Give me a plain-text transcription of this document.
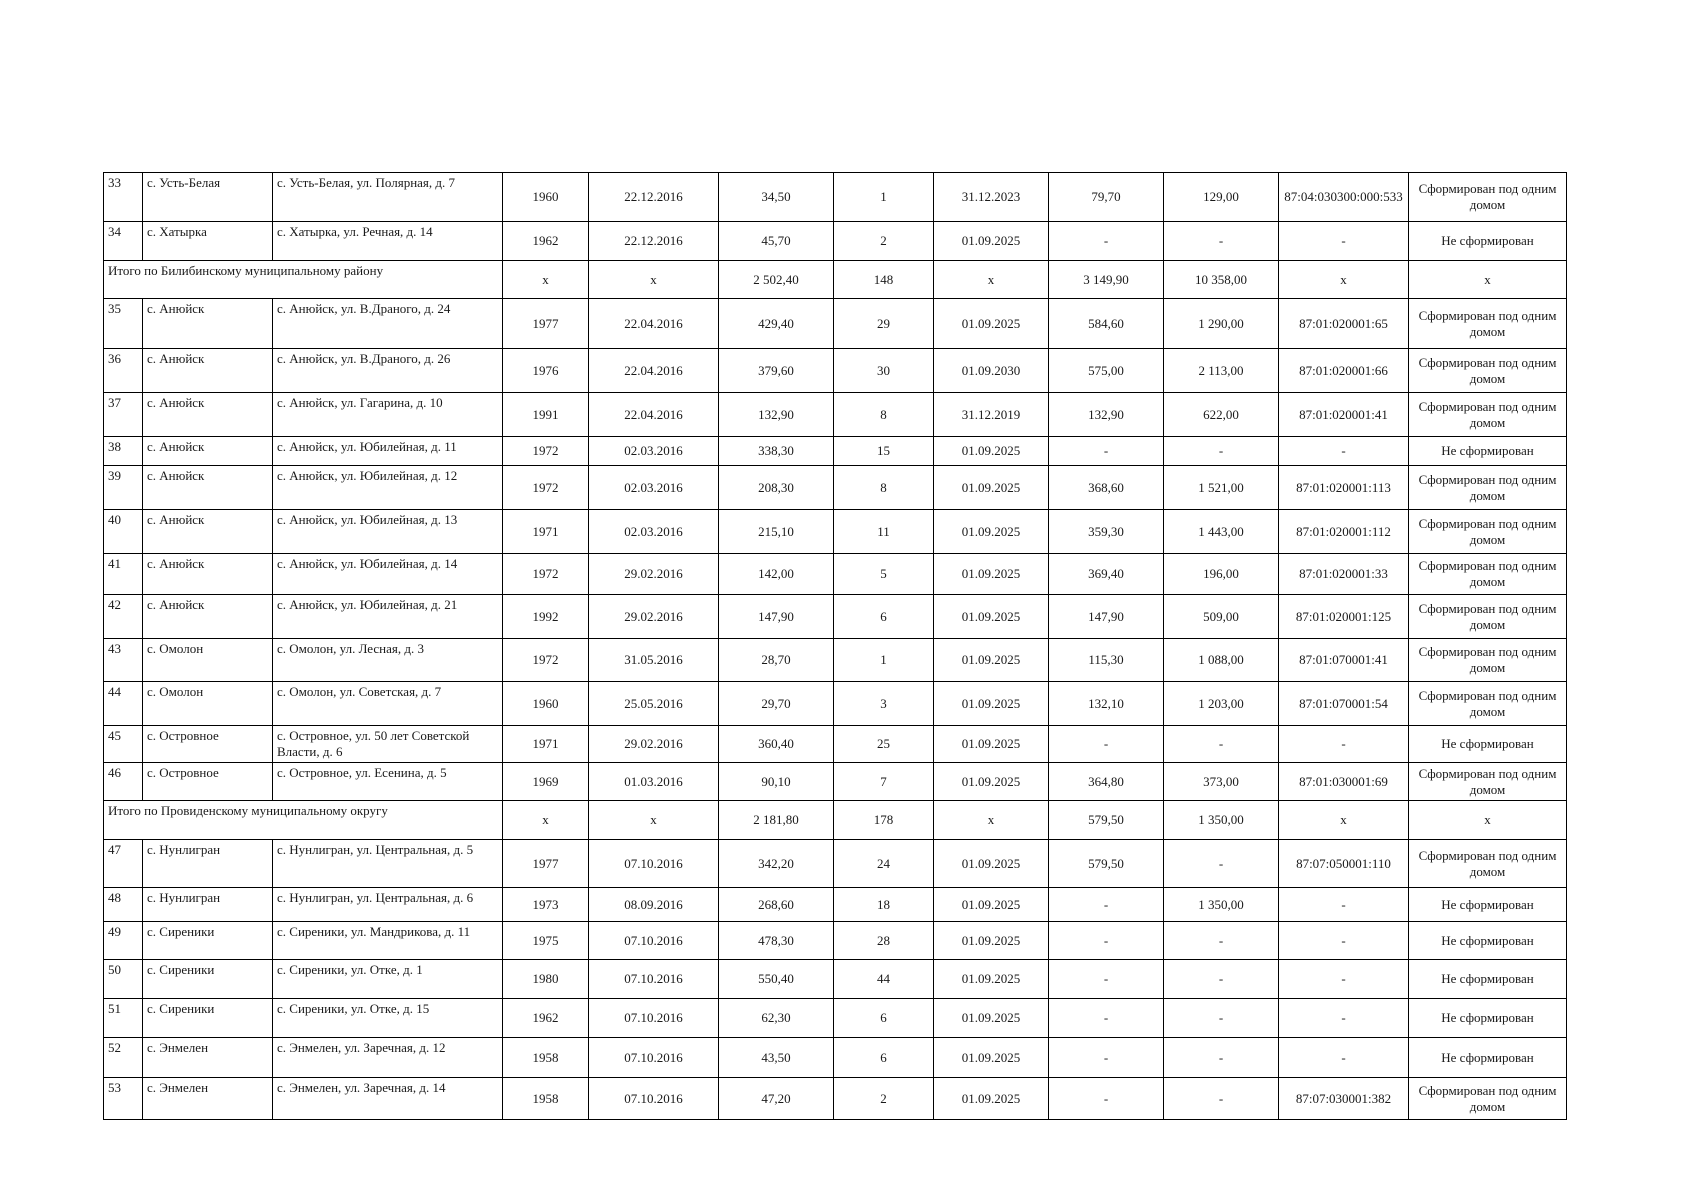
33	с. Усть-Белая	с. Усть-Белая, ул. Полярная, д. 7	1960	22.12.2016	34,50	1	31.12.2023	79,70	129,00	87:04:030300:000:533	Сформирован под одним домом
34	с. Хатырка	с. Хатырка, ул. Речная, д. 14	1962	22.12.2016	45,70	2	01.09.2025	-	-	-	Не сформирован
Итого по Билибинскому муниципальному району			x	x	2 502,40	148	x	3 149,90	10 358,00	x	x
35	с. Анюйск	с. Анюйск, ул. В.Драного, д. 24	1977	22.04.2016	429,40	29	01.09.2025	584,60	1 290,00	87:01:020001:65	Сформирован под одним домом
36	с. Анюйск	с. Анюйск, ул. В.Драного, д. 26	1976	22.04.2016	379,60	30	01.09.2030	575,00	2 113,00	87:01:020001:66	Сформирован под одним домом
37	с. Анюйск	с. Анюйск, ул. Гагарина, д. 10	1991	22.04.2016	132,90	8	31.12.2019	132,90	622,00	87:01:020001:41	Сформирован под одним домом
38	с. Анюйск	с. Анюйск, ул. Юбилейная, д. 11	1972	02.03.2016	338,30	15	01.09.2025	-	-	-	Не сформирован
39	с. Анюйск	с. Анюйск, ул. Юбилейная, д. 12	1972	02.03.2016	208,30	8	01.09.2025	368,60	1 521,00	87:01:020001:113	Сформирован под одним домом
40	с. Анюйск	с. Анюйск, ул. Юбилейная, д. 13	1971	02.03.2016	215,10	11	01.09.2025	359,30	1 443,00	87:01:020001:112	Сформирован под одним домом
41	с. Анюйск	с. Анюйск, ул. Юбилейная, д. 14	1972	29.02.2016	142,00	5	01.09.2025	369,40	196,00	87:01:020001:33	Сформирован под одним домом
42	с. Анюйск	с. Анюйск, ул. Юбилейная, д. 21	1992	29.02.2016	147,90	6	01.09.2025	147,90	509,00	87:01:020001:125	Сформирован под одним домом
43	с. Омолон	с. Омолон, ул. Лесная, д. 3	1972	31.05.2016	28,70	1	01.09.2025	115,30	1 088,00	87:01:070001:41	Сформирован под одним домом
44	с. Омолон	с. Омолон, ул. Советская, д. 7	1960	25.05.2016	29,70	3	01.09.2025	132,10	1 203,00	87:01:070001:54	Сформирован под одним домом
45	с. Островное	с. Островное, ул. 50 лет Советской Власти, д. 6	1971	29.02.2016	360,40	25	01.09.2025	-	-	-	Не сформирован
46	с. Островное	с. Островное, ул. Есенина, д. 5	1969	01.03.2016	90,10	7	01.09.2025	364,80	373,00	87:01:030001:69	Сформирован под одним домом
Итого по Провиденскому муниципальному округу			x	x	2 181,80	178	x	579,50	1 350,00	x	x
47	с. Нунлигран	с. Нунлигран, ул. Центральная, д. 5	1977	07.10.2016	342,20	24	01.09.2025	579,50	-	87:07:050001:110	Сформирован под одним домом
48	с. Нунлигран	с. Нунлигран, ул. Центральная, д. 6	1973	08.09.2016	268,60	18	01.09.2025	-	1 350,00	-	Не сформирован
49	с. Сиреники	с. Сиреники, ул. Мандрикова, д. 11	1975	07.10.2016	478,30	28	01.09.2025	-	-	-	Не сформирован
50	с. Сиреники	с. Сиреники, ул. Отке, д. 1	1980	07.10.2016	550,40	44	01.09.2025	-	-	-	Не сформирован
51	с. Сиреники	с. Сиреники, ул. Отке, д. 15	1962	07.10.2016	62,30	6	01.09.2025	-	-	-	Не сформирован
52	с. Энмелен	с. Энмелен, ул. Заречная, д. 12	1958	07.10.2016	43,50	6	01.09.2025	-	-	-	Не сформирован
53	с. Энмелен	с. Энмелен, ул. Заречная, д. 14	1958	07.10.2016	47,20	2	01.09.2025	-	-	87:07:030001:382	Сформирован под одним домом
